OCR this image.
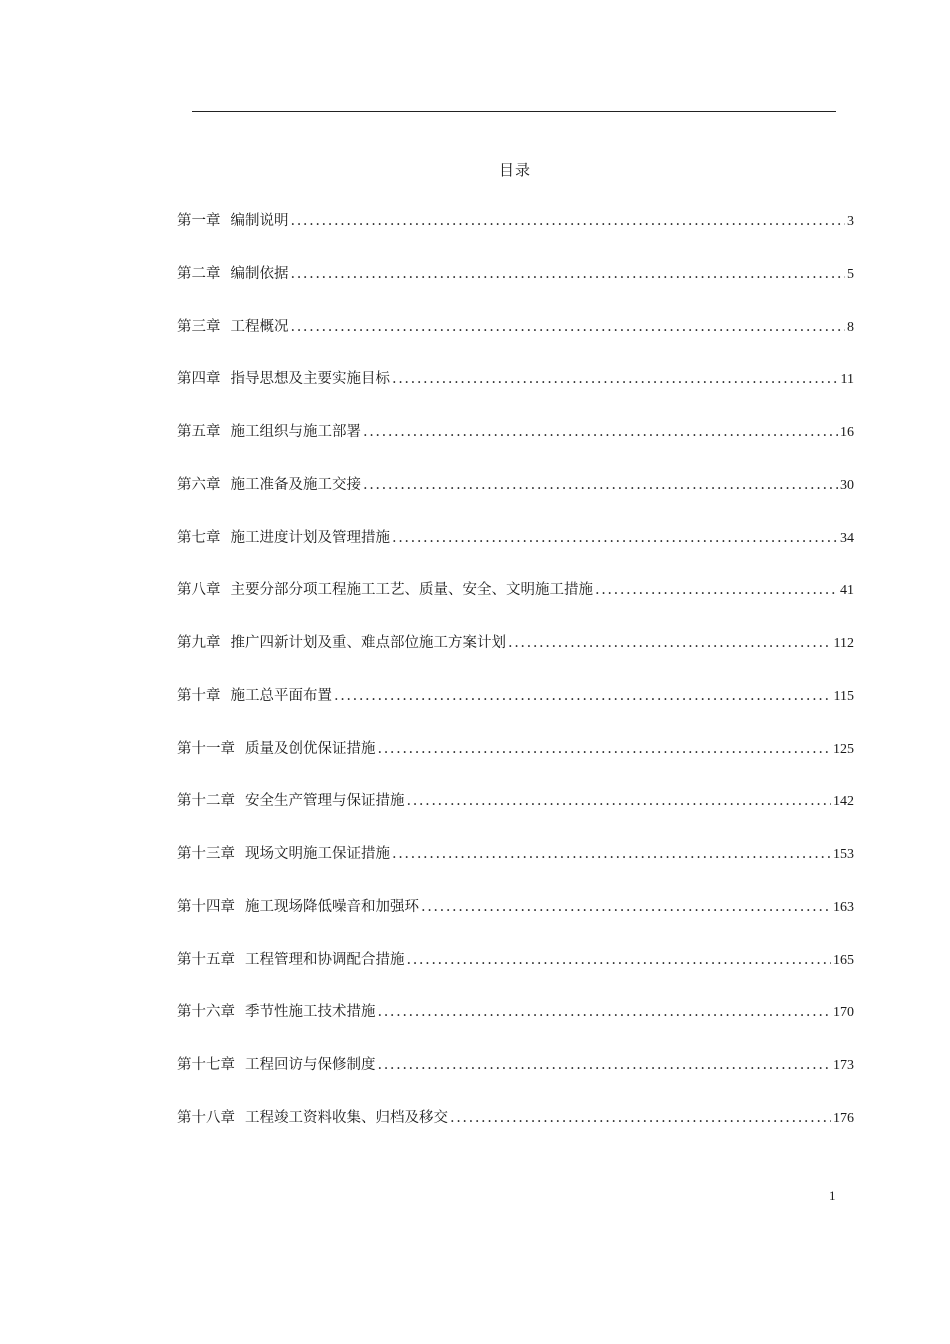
目录
第一章 编制说明 .....	3
第二章 编制依据 .....	5
第三章 工程概况 .....	8
第四章 指导思想及主要实施目标 .....	11
第五章 施工组织与施工部署 .....	16
第六章 施工准备及施工交接 .....	30
第七章 施工进度计划及管理措施 .....	34
第八章 主要分部分项工程施工工艺、质量、安全、文明施工措施 .....	41
第九章 推广四新计划及重、难点部位施工方案计划 .....	112
第十章 施工总平面布置 .....	115
第十一章 质量及创优保证措施 .....	125
第十二章 安全生产管理与保证措施 .....	142
第十三章 现场文明施工保证措施 .....	153
第十四章 施工现场降低噪音和加强环 .....	163
第十五章 工程管理和协调配合措施 .....	165
第十六章 季节性施工技术措施 .....	170
第十七章 工程回访与保修制度 .....	173
第十八章 工程竣工资料收集、归档及移交 .....	176
1
